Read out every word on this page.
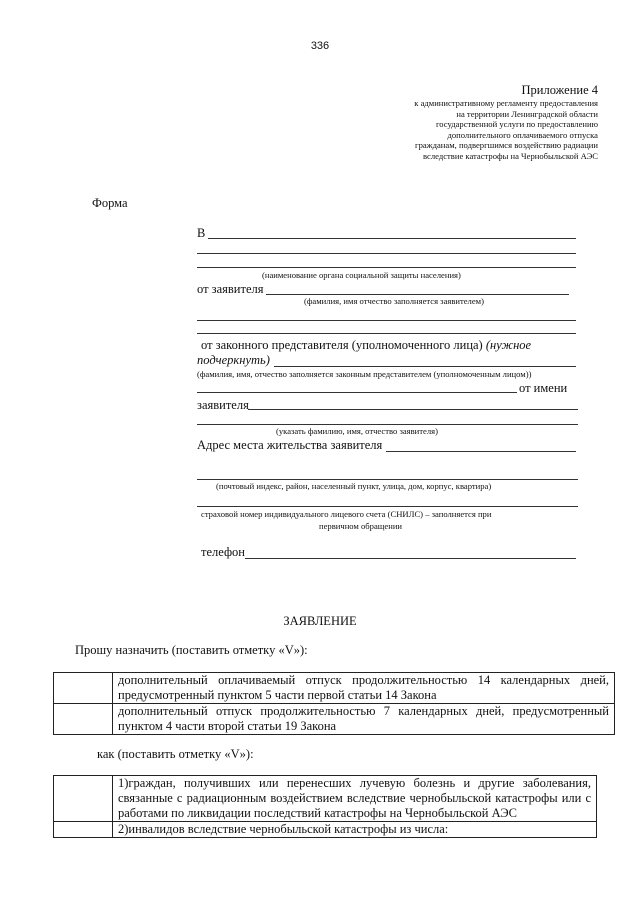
336
Приложение 4
к административному регламенту предоставления
на территории Ленинградской области
государственной услуги по предоставлению
дополнительного оплачиваемого отпуска
гражданам, подвергшимся воздействию радиации
вследствие катастрофы на Чернобыльской АЭС
Форма
В
(наименование органа социальной защиты населения)
от заявителя
(фамилия, имя отчество заполняется заявителем)
от законного представителя (уполномоченного лица) (нужное
подчеркнуть)
(фамилия, имя, отчество заполняется законным представителем (уполномоченным лицом))
от имени
заявителя
(указать фамилию, имя, отчество заявителя)
Адрес места жительства заявителя
(почтовый индекс, район, населенный пункт, улица, дом, корпус, квартира)
страховой номер индивидуального лицевого счета (СНИЛС) – заполняется при
первичном обращении
телефон
ЗАЯВЛЕНИЕ
Прошу назначить (поставить отметку «V»):
	дополнительный оплачиваемый отпуск продолжительностью 14 календарных дней, предусмотренный пунктом 5 части первой статьи 14 Закона
	дополнительный отпуск продолжительностью 7 календарных дней, предусмотренный пунктом 4 части второй статьи 19 Закона
как (поставить отметку «V»):
	1)граждан, получивших или перенесших лучевую болезнь и другие заболевания, связанные с радиационным воздействием вследствие чернобыльской катастрофы или с работами по ликвидации последствий катастрофы на Чернобыльской АЭС
	2)инвалидов вследствие чернобыльской катастрофы из числа:
